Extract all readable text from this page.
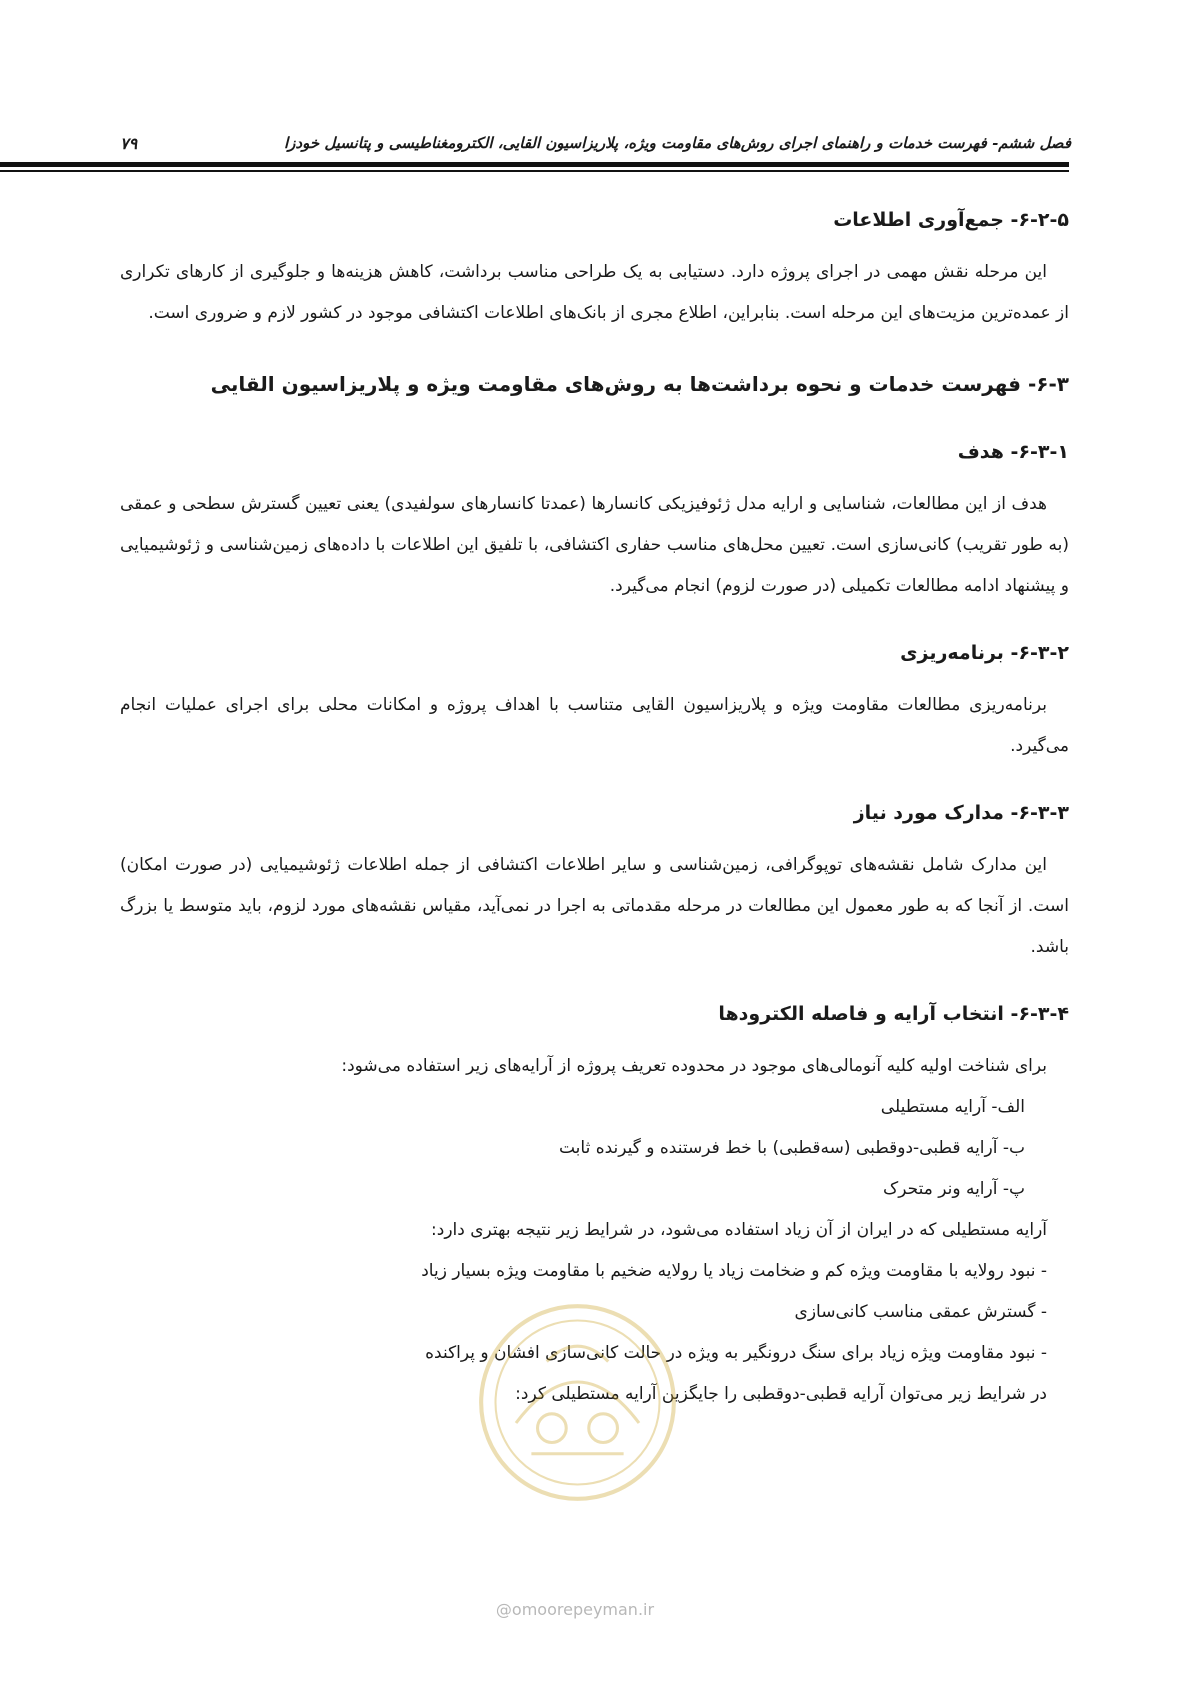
فصل ششم- فهرست خدمات و راهنمای اجرای روش‌های مقاومت ویژه، پلاریزاسیون القایی، الکترومغناطیسی و پتانسیل خودزا
۷۹
۶-۲-۵- جمع‌آوری اطلاعات

این مرحله نقش مهمی در اجرای پروژه دارد. دستیابی به یک طراحی مناسب برداشت، کاهش هزینه‌ها و جلوگیری از کارهای تکراری از عمده‌ترین مزیت‌های این مرحله است. بنابراین، اطلاع مجری از بانک‌های اطلاعات اکتشافی موجود در کشور لازم و ضروری است.

۶-۳- فهرست خدمات و نحوه برداشت‌ها به روش‌های مقاومت ویژه و پلاریزاسیون القایی
۶-۳-۱- هدف

هدف از این مطالعات، شناسایی و ارایه مدل ژئوفیزیکی کانسارها (عمدتا کانسارهای سولفیدی) یعنی تعیین گسترش سطحی و عمقی (به طور تقریب) کانی‌سازی است. تعیین محل‌های مناسب حفاری اکتشافی، با تلفیق این اطلاعات با داده‌های زمین‌شناسی و ژئوشیمیایی و پیشنهاد ادامه مطالعات تکمیلی (در صورت لزوم) انجام می‌گیرد.

۶-۳-۲- برنامه‌ریزی

برنامه‌ریزی مطالعات مقاومت ویژه و پلاریزاسیون القایی متناسب با اهداف پروژه و امکانات محلی برای اجرای عملیات انجام می‌گیرد.

۶-۳-۳- مدارک مورد نیاز

این مدارک شامل نقشه‌های توپوگرافی، زمین‌شناسی و سایر اطلاعات اکتشافی از جمله اطلاعات ژئوشیمیایی (در صورت امکان) است. از آنجا که به طور معمول این مطالعات در مرحله مقدماتی به اجرا در نمی‌آید، مقیاس نقشه‌های مورد لزوم، باید متوسط یا بزرگ باشد.

۶-۳-۴- انتخاب آرایه و فاصله الکترودها

برای شناخت اولیه کلیه آنومالی‌های موجود در محدوده تعریف پروژه از آرایه‌های زیر استفاده می‌شود:

الف- آرایه مستطیلی
ب- آرایه قطبی-دوقطبی (سه‌قطبی) با خط فرستنده و گیرنده ثابت
پ- آرایه ونر متحرک

آرایه مستطیلی که در ایران از آن زیاد استفاده می‌شود، در شرایط زیر نتیجه بهتری دارد:

- نبود رولایه با مقاومت ویژه کم و ضخامت زیاد یا رولایه ضخیم با مقاومت ویژه بسیار زیاد
- گسترش عمقی مناسب کانی‌سازی
- نبود مقاومت ویژه زیاد برای سنگ درونگیر به ویژه در حالت کانی‌سازی افشان و پراکنده

در شرایط زیر می‌توان آرایه قطبی-دوقطبی را جایگزین آرایه مستطیلی کرد:

@omoorepeyman.ir
